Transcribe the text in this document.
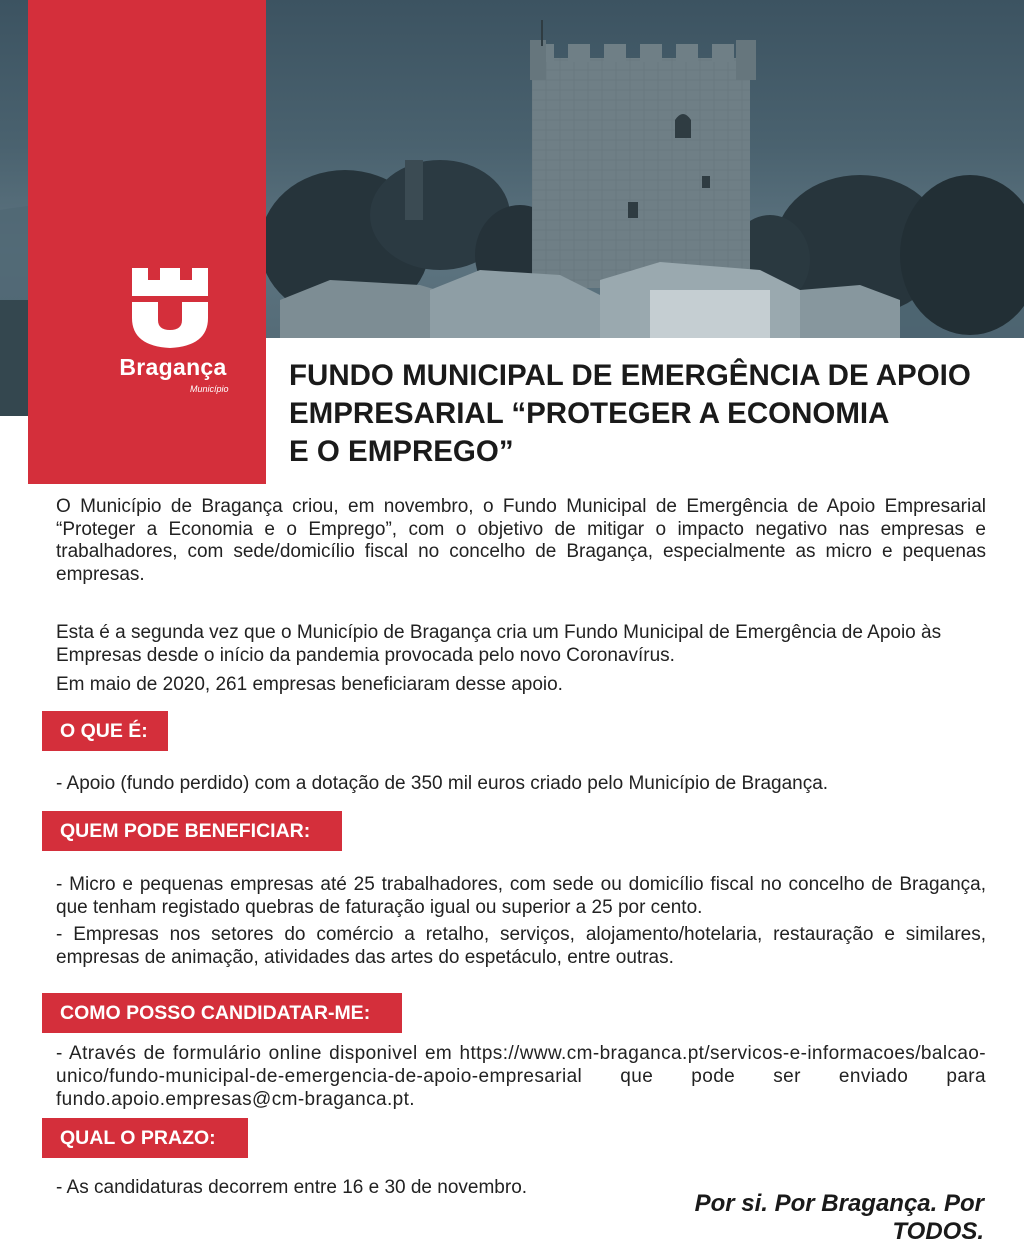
Bragança
Município FUNDO MUNICIPAL DE EMERGÊNCIA DE APOIO
EMPRESARIAL “PROTEGER A ECONOMIA
E O EMPREGO”

O Município de Bragança criou, em novembro, o Fundo Municipal de Emergência de Apoio Empresarial “Proteger a Economia e o Emprego”, com o objetivo de mitigar o impacto negativo nas empresas e trabalhadores, com sede/domicílio fiscal no concelho de Bragança, especialmente as micro e pequenas empresas.

Esta é a segunda vez que o Município de Bragança cria um Fundo Municipal de Emergência de Apoio às Empresas desde o início da pandemia provocada pelo novo Coronavírus.

Em maio de 2020, 261 empresas beneficiaram desse apoio.

O QUE É:

- Apoio (fundo perdido) com a dotação de 350 mil euros criado pelo Município de Bragança.

QUEM PODE BENEFICIAR:

- Micro e pequenas empresas até 25 trabalhadores, com sede ou domicílio fiscal no concelho de Bragança, que tenham registado quebras de faturação igual ou superior a 25 por cento.

- Empresas nos setores do comércio a retalho, serviços, alojamento/hotelaria, restauração e similares, empresas de animação, atividades das artes do espetáculo, entre outras.

COMO POSSO CANDIDATAR-ME:

- Através de formulário online disponivel em https://www.cm-braganca.pt/servicos-e-informacoes/balcao-unico/fundo-municipal-de-emergencia-de-apoio-empresarial que pode ser enviado para fundo.apoio.empresas@cm-braganca.pt.

QUAL O PRAZO:

- As candidaturas decorrem entre 16 e 30 de novembro.

Por si. Por Bragança. Por TODOS.
